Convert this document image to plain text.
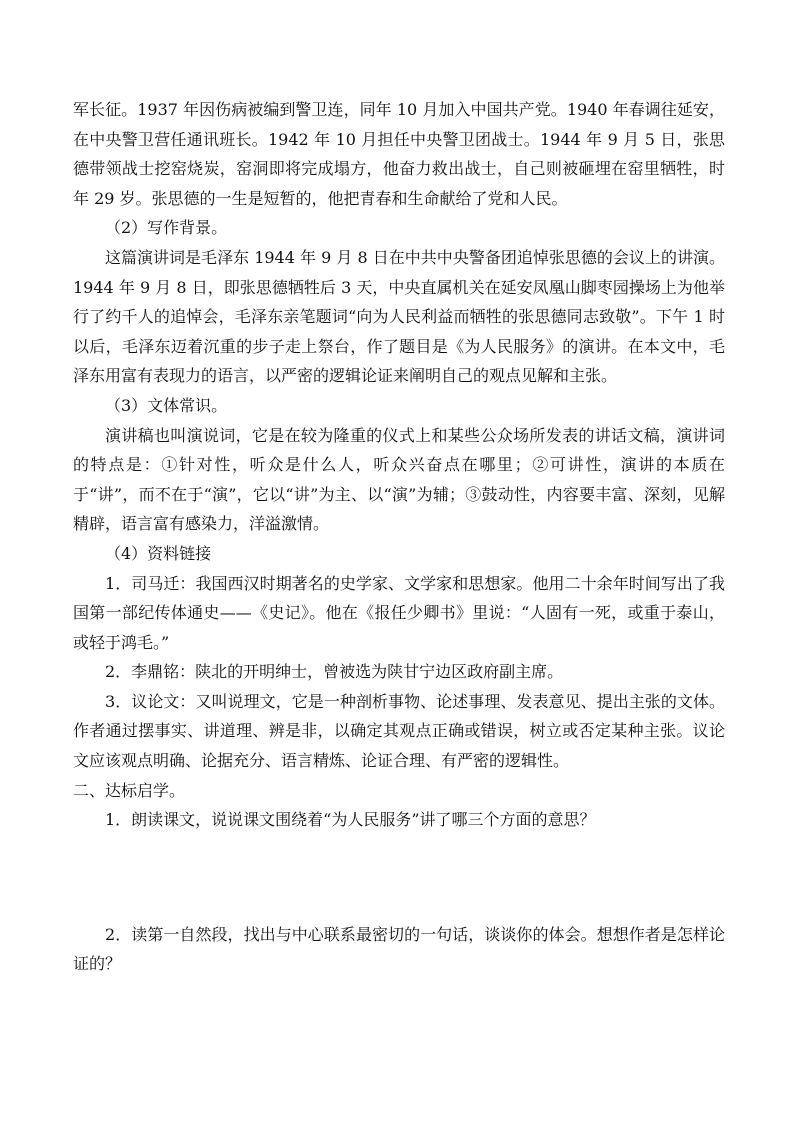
军长征。1937 年因伤病被编到警卫连，同年 10 月加入中国共产党。1940 年春调往延安，在中央警卫营任通讯班长。1942 年 10 月担任中央警卫团战士。1944 年 9 月 5 日，张思德带领战士挖窑烧炭，窑洞即将完成塌方，他奋力救出战士，自己则被砸埋在窑里牺牲，时年 29 岁。张思德的一生是短暂的，他把青春和生命献给了党和人民。

（2）写作背景。

这篇演讲词是毛泽东 1944 年 9 月 8 日在中共中央警备团追悼张思德的会议上的讲演。1944 年 9 月 8 日，即张思德牺牲后 3 天，中央直属机关在延安凤凰山脚枣园操场上为他举行了约千人的追悼会，毛泽东亲笔题词“向为人民利益而牺牲的张思德同志致敬”。下午 1 时以后，毛泽东迈着沉重的步子走上祭台，作了题目是《为人民服务》的演讲。在本文中，毛泽东用富有表现力的语言，以严密的逻辑论证来阐明自己的观点见解和主张。

（3）文体常识。

演讲稿也叫演说词，它是在较为隆重的仪式上和某些公众场所发表的讲话文稿，演讲词的特点是：①针对性，听众是什么人，听众兴奋点在哪里；②可讲性，演讲的本质在于“讲”，而不在于“演”，它以“讲”为主、以“演”为辅；③鼓动性，内容要丰富、深刻，见解精辟，语言富有感染力，洋溢激情。

（4）资料链接

1．司马迁：我国西汉时期著名的史学家、文学家和思想家。他用二十余年时间写出了我国第一部纪传体通史——《史记》。他在《报任少卿书》里说：“人固有一死，或重于泰山，或轻于鸿毛。”

2．李鼎铭：陕北的开明绅士，曾被选为陕甘宁边区政府副主席。

3．议论文：又叫说理文，它是一种剖析事物、论述事理、发表意见、提出主张的文体。作者通过摆事实、讲道理、辨是非，以确定其观点正确或错误，树立或否定某种主张。议论文应该观点明确、论据充分、语言精炼、论证合理、有严密的逻辑性。

二、达标启学。

1．朗读课文，说说课文围绕着“为人民服务”讲了哪三个方面的意思？

2．读第一自然段，找出与中心联系最密切的一句话，谈谈你的体会。想想作者是怎样论证的？
